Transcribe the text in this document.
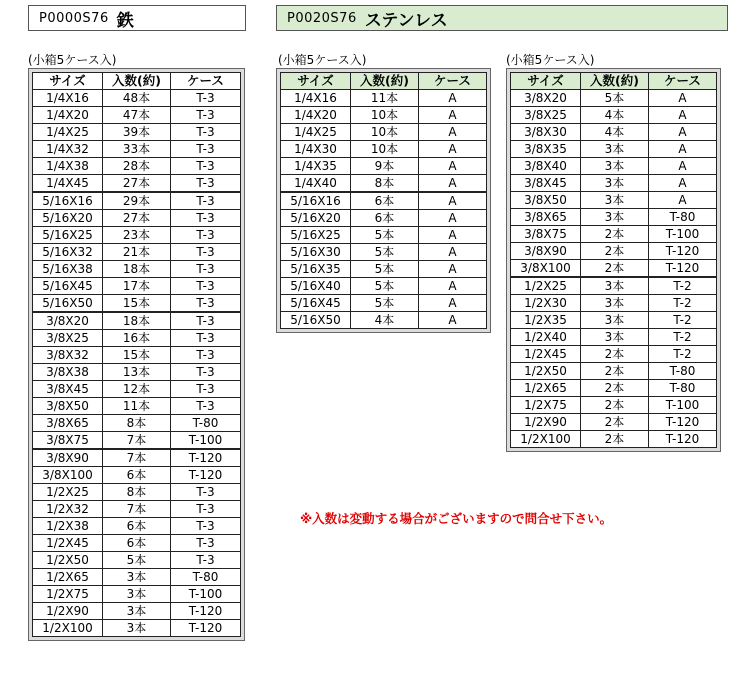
P0000S76 鉄	P0020S76 ステンレス
(小箱5ケース入)	(小箱5ケース入)	(小箱5ケース入)
サイズ	入数(約)	ケース
1/4X16	48本	T-3
1/4X20	47本	T-3
1/4X25	39本	T-3
1/4X32	33本	T-3
1/4X38	28本	T-3
1/4X45	27本	T-3
5/16X16	29本	T-3
5/16X20	27本	T-3
5/16X25	23本	T-3
5/16X32	21本	T-3
5/16X38	18本	T-3
5/16X45	17本	T-3
5/16X50	15本	T-3
3/8X20	18本	T-3
3/8X25	16本	T-3
3/8X32	15本	T-3
3/8X38	13本	T-3
3/8X45	12本	T-3
3/8X50	11本	T-3
3/8X65	8本	T-80
3/8X75	7本	T-100
3/8X90	7本	T-120
3/8X100	6本	T-120
1/2X25	8本	T-3
1/2X32	7本	T-3
1/2X38	6本	T-3
1/2X45	6本	T-3
1/2X50	5本	T-3
1/2X65	3本	T-80
1/2X75	3本	T-100
1/2X90	3本	T-120
1/2X100	3本	T-120
サイズ	入数(約)	ケース
1/4X16	11本	A
1/4X20	10本	A
1/4X25	10本	A
1/4X30	10本	A
1/4X35	9本	A
1/4X40	8本	A
5/16X16	6本	A
5/16X20	6本	A
5/16X25	5本	A
5/16X30	5本	A
5/16X35	5本	A
5/16X40	5本	A
5/16X45	5本	A
5/16X50	4本	A
サイズ	入数(約)	ケース
3/8X20	5本	A
3/8X25	4本	A
3/8X30	4本	A
3/8X35	3本	A
3/8X40	3本	A
3/8X45	3本	A
3/8X50	3本	A
3/8X65	3本	T-80
3/8X75	2本	T-100
3/8X90	2本	T-120
3/8X100	2本	T-120
1/2X25	3本	T-2
1/2X30	3本	T-2
1/2X35	3本	T-2
1/2X40	3本	T-2
1/2X45	2本	T-2
1/2X50	2本	T-80
1/2X65	2本	T-80
1/2X75	2本	T-100
1/2X90	2本	T-120
1/2X100	2本	T-120
※入数は変動する場合がございますので問合せ下さい。
